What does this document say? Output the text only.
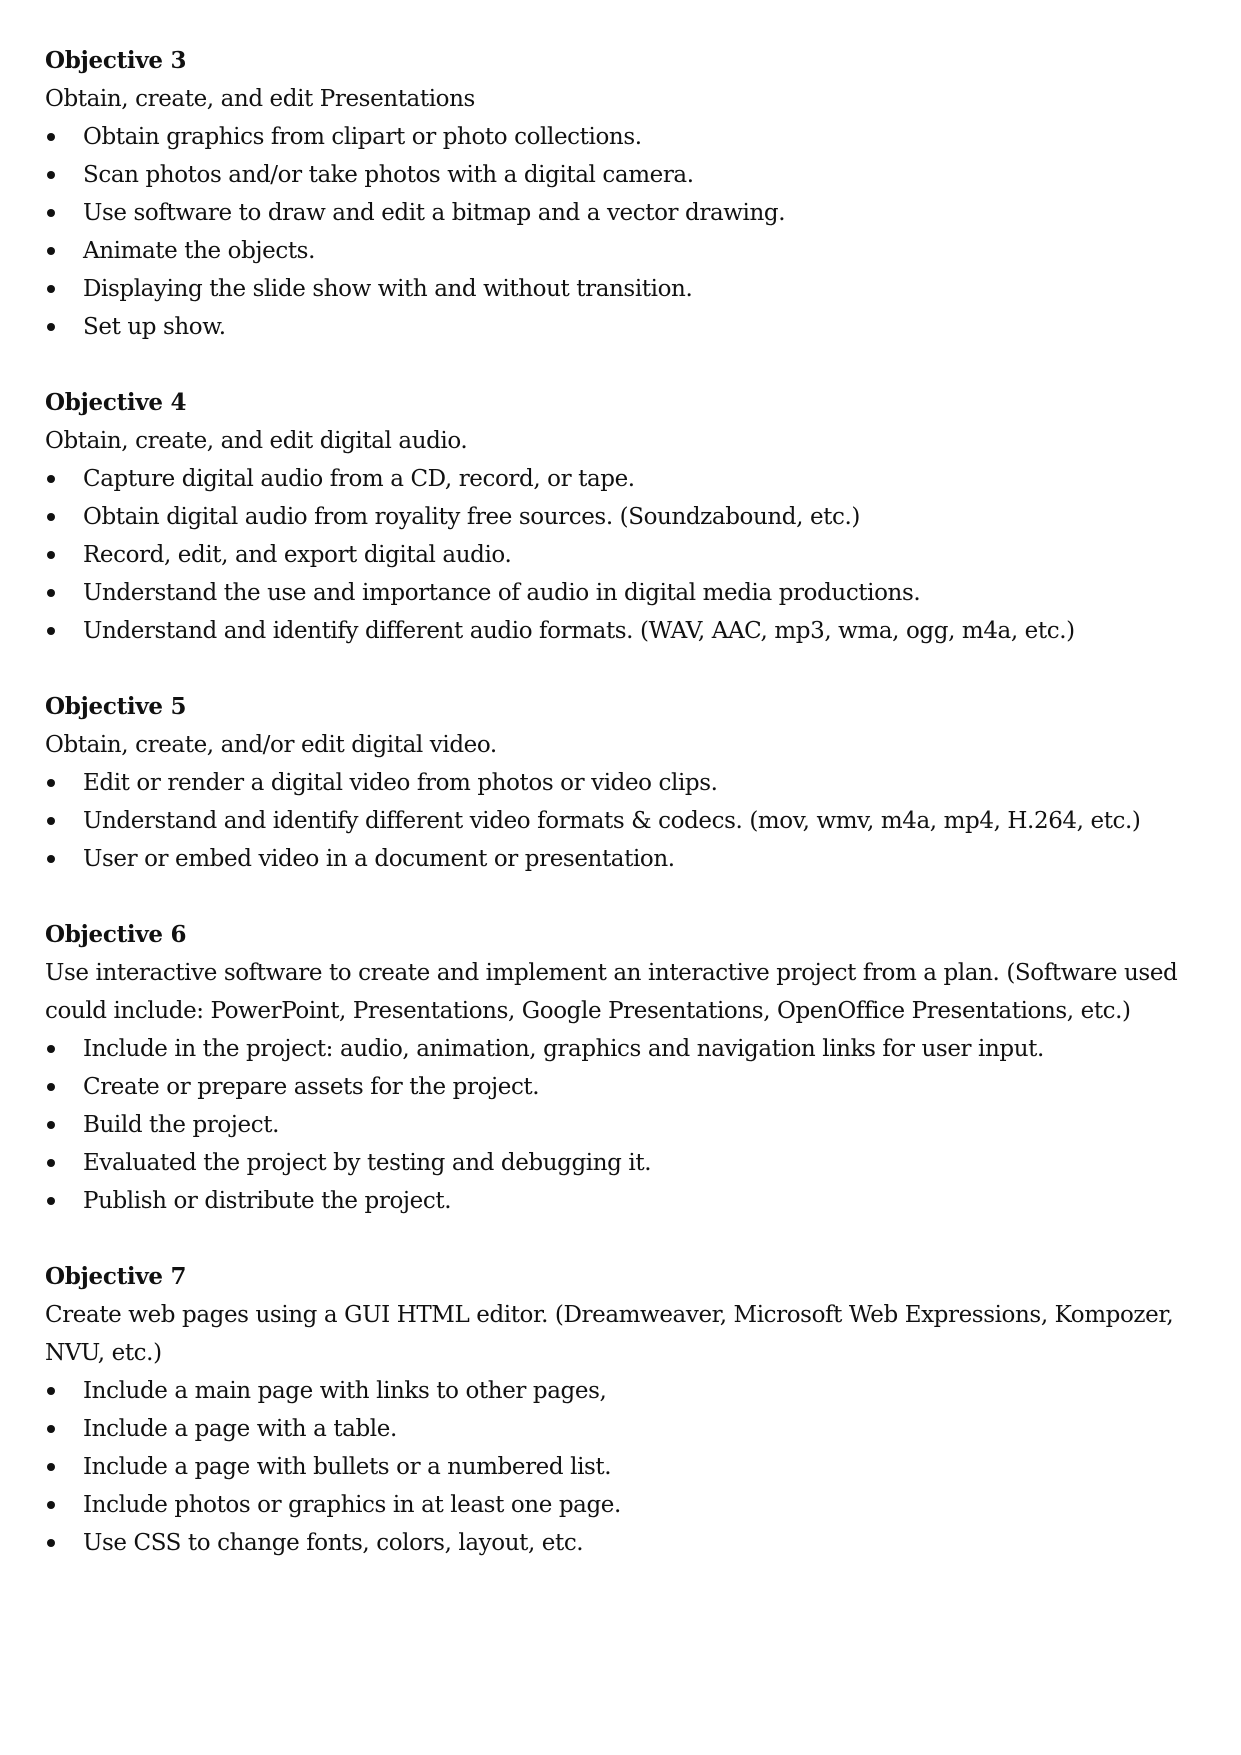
Objective 3
Obtain, create, and edit Presentations
Obtain graphics from clipart or photo collections.
Scan photos and/or take photos with a digital camera.
Use software to draw and edit a bitmap and a vector drawing.
Animate the objects.
Displaying the slide show with and without transition.
Set up show.
Objective 4
Obtain, create, and edit digital audio.
Capture digital audio from a CD, record, or tape.
Obtain digital audio from royality free sources. (Soundzabound, etc.)
Record, edit, and export digital audio.
Understand the use and importance of audio in digital media productions.
Understand and identify different audio formats. (WAV, AAC, mp3, wma, ogg, m4a, etc.)
Objective 5
Obtain, create, and/or edit digital video.
Edit or render a digital video from photos or video clips.
Understand and identify different video formats & codecs. (mov, wmv, m4a, mp4, H.264, etc.)
User or embed video in a document or presentation.
Objective 6
Use interactive software to create and implement an interactive project from a plan. (Software used could include: PowerPoint, Presentations, Google Presentations, OpenOffice Presentations, etc.)
Include in the project: audio, animation, graphics and navigation links for user input.
Create or prepare assets for the project.
Build the project.
Evaluated the project by testing and debugging it.
Publish or distribute the project.
Objective 7
Create web pages using a GUI HTML editor. (Dreamweaver, Microsoft Web Expressions, Kompozer, NVU, etc.)
Include a main page with links to other pages,
Include a page with a table.
Include a page with bullets or a numbered list.
Include photos or graphics in at least one page.
Use CSS to change fonts, colors, layout, etc.
